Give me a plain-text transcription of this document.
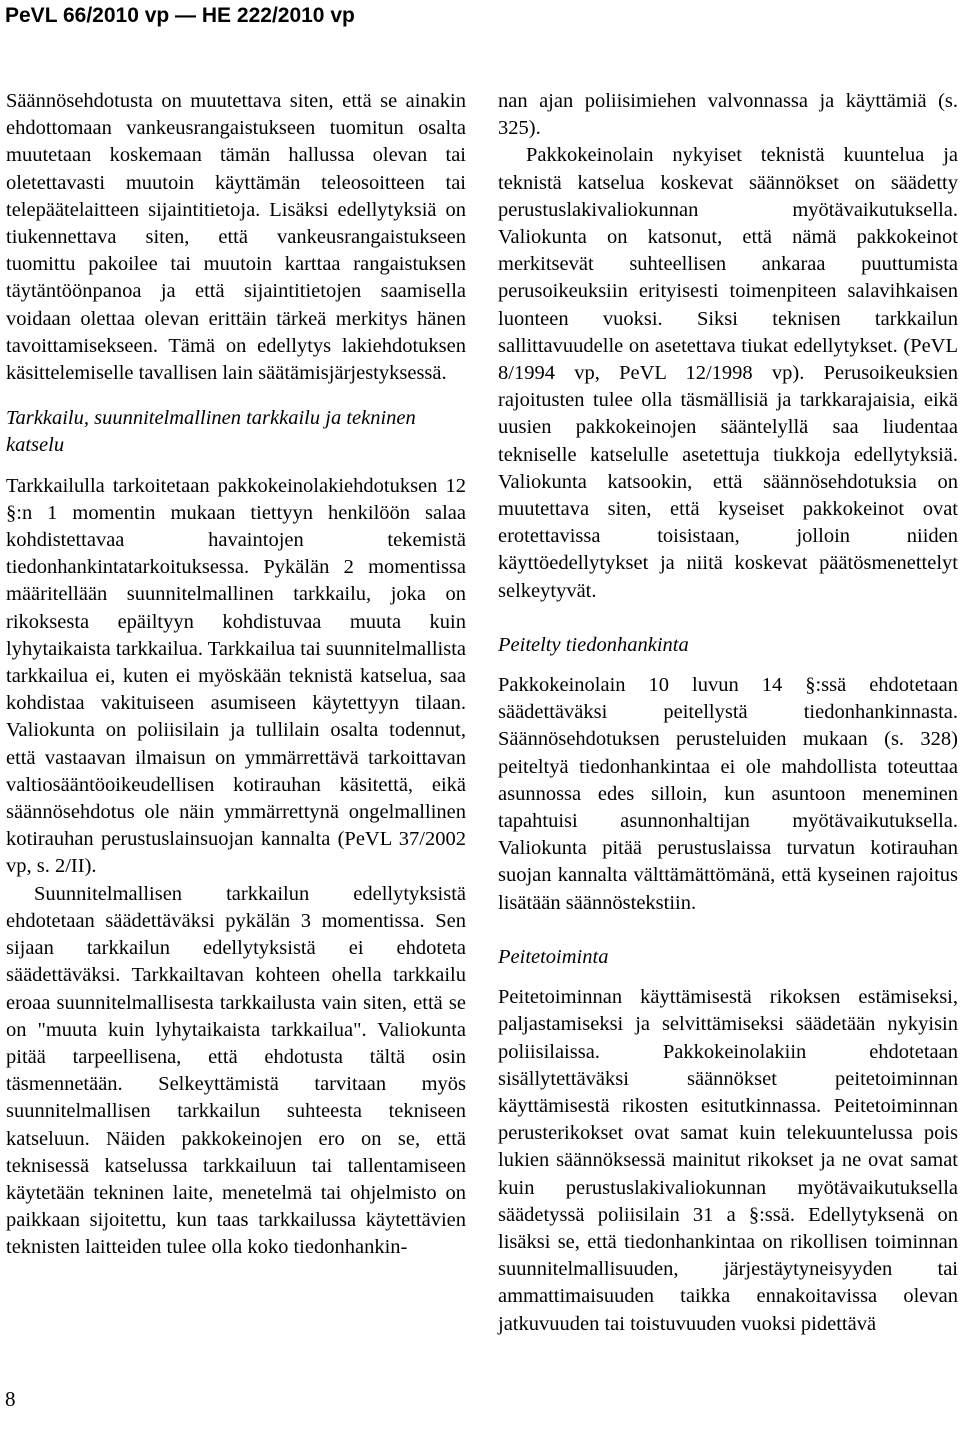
PeVL 66/2010 vp — HE 222/2010 vp

Säännösehdotusta on muutettava siten, että se ainakin ehdottomaan vankeusrangaistukseen tuomitun osalta muutetaan koskemaan tämän hallussa olevan tai oletettavasti muutoin käyttämän teleosoitteen tai telepäätelaitteen sijaintitietoja. Lisäksi edellytyksiä on tiukennettava siten, että vankeusrangaistukseen tuomittu pakoilee tai muutoin karttaa rangaistuksen täytäntöönpanoa ja että sijaintitietojen saamisella voidaan olettaa olevan erittäin tärkeä merkitys hänen tavoittamisekseen. Tämä on edellytys lakiehdotuksen käsittelemiselle tavallisen lain säätämisjärjestyksessä.

Tarkkailu, suunnitelmallinen tarkkailu ja tekninen katselu

Tarkkailulla tarkoitetaan pakkokeinolakiehdotuksen 12 §:n 1 momentin mukaan tiettyyn henkilöön salaa kohdistettavaa havaintojen tekemistä tiedonhankintatarkoituksessa. Pykälän 2 momentissa määritellään suunnitelmallinen tarkkailu, joka on rikoksesta epäiltyyn kohdistuvaa muuta kuin lyhytaikaista tarkkailua. Tarkkailua tai suunnitelmallista tarkkailua ei, kuten ei myöskään teknistä katselua, saa kohdistaa vakituiseen asumiseen käytettyyn tilaan. Valiokunta on poliisilain ja tullilain osalta todennut, että vastaavan ilmaisun on ymmärrettävä tarkoittavan valtiosääntöoikeudellisen kotirauhan käsitettä, eikä säännösehdotus ole näin ymmärrettynä ongelmallinen kotirauhan perustuslainsuojan kannalta (PeVL 37/2002 vp, s. 2/II).

Suunnitelmallisen tarkkailun edellytyksistä ehdotetaan säädettäväksi pykälän 3 momentissa. Sen sijaan tarkkailun edellytyksistä ei ehdoteta säädettäväksi. Tarkkailtavan kohteen ohella tarkkailu eroaa suunnitelmallisesta tarkkailusta vain siten, että se on "muuta kuin lyhytaikaista tarkkailua". Valiokunta pitää tarpeellisena, että ehdotusta tältä osin täsmennetään. Selkeyttämistä tarvitaan myös suunnitelmallisen tarkkailun suhteesta tekniseen katseluun. Näiden pakkokeinojen ero on se, että teknisessä katselussa tarkkailuun tai tallentamiseen käytetään tekninen laite, menetelmä tai ohjelmisto on paikkaan sijoitettu, kun taas tarkkailussa käytettävien teknisten laitteiden tulee olla koko tiedonhankin-

nan ajan poliisimiehen valvonnassa ja käyttämiä (s. 325).

Pakkokeinolain nykyiset teknistä kuuntelua ja teknistä katselua koskevat säännökset on säädetty perustuslakivaliokunnan myötävaikutuksella. Valiokunta on katsonut, että nämä pakkokeinot merkitsevät suhteellisen ankaraa puuttumista perusoikeuksiin erityisesti toimenpiteen salavihkaisen luonteen vuoksi. Siksi teknisen tarkkailun sallittavuudelle on asetettava tiukat edellytykset. (PeVL 8/1994 vp, PeVL 12/1998 vp). Perusoikeuksien rajoitusten tulee olla täsmällisiä ja tarkkarajaisia, eikä uusien pakkokeinojen sääntelyllä saa liudentaa tekniselle katselulle asetettuja tiukkoja edellytyksiä. Valiokunta katsookin, että säännösehdotuksia on muutettava siten, että kyseiset pakkokeinot ovat erotettavissa toisistaan, jolloin niiden käyttöedellytykset ja niitä koskevat päätösmenettelyt selkeytyvät.

Peitelty tiedonhankinta

Pakkokeinolain 10 luvun 14 §:ssä ehdotetaan säädettäväksi peitellystä tiedonhankinnasta. Säännösehdotuksen perusteluiden mukaan (s. 328) peiteltyä tiedonhankintaa ei ole mahdollista toteuttaa asunnossa edes silloin, kun asuntoon meneminen tapahtuisi asunnonhaltijan myötävaikutuksella. Valiokunta pitää perustuslaissa turvatun kotirauhan suojan kannalta välttämättömänä, että kyseinen rajoitus lisätään säännöstekstiin.

Peitetoiminta

Peitetoiminnan käyttämisestä rikoksen estämiseksi, paljastamiseksi ja selvittämiseksi säädetään nykyisin poliisilaissa. Pakkokeinolakiin ehdotetaan sisällytettäväksi säännökset peitetoiminnan käyttämisestä rikosten esitutkinnassa. Peitetoiminnan perusterikokset ovat samat kuin telekuuntelussa pois lukien säännöksessä mainitut rikokset ja ne ovat samat kuin perustuslakivaliokunnan myötävaikutuksella säädetyssä poliisilain 31 a §:ssä. Edellytyksenä on lisäksi se, että tiedonhankintaa on rikollisen toiminnan suunnitelmallisuuden, järjestäytyneisyyden tai ammattimaisuuden taikka ennakoitavissa olevan jatkuvuuden tai toistuvuuden vuoksi pidettävä

8
